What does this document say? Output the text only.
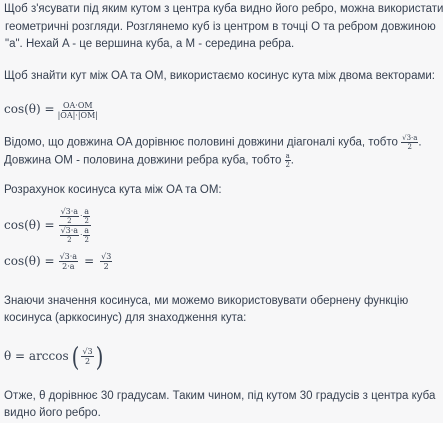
Щоб з'ясувати під яким кутом з центра куба видно його ребро, можна використати

геометричні розгляди. Розглянемо куб із центром в точці O та ребром довжиною

"a". Нехай A - це вершина куба, а M - середина ребра.

Щоб знайти кут між OA та OM, використаємо косинус кута між двома векторами:

$\cos(\theta) = \frac{OA\cdot OM}{|OA|\cdot|OM|}$

Відомо, що довжина OA дорівнює половині довжини діагоналі куба, тобто $\frac{√3\cdot a}{2}$ .

Довжина OM - половина довжини ребра куба, тобто $\frac{a}{2}$ .

Розрахунок косинуса кута між OA та OM:

$\cos(\theta) = \frac{√3\cdot a}{2} \cdot \frac{a}{2}$
√3·a
2
· a
2
$\cos(\theta) = \frac{√3\cdot a}{2\cdot a} = \frac{√3}{2}$

Знаючи значення косинуса, ми можемо використовувати обернену функцію

косинуса (арккосинус) для знаходження кута:

θ = arccos ( $\frac{√3}{2}$ )

Отже, θ дорівнює 30 градусам. Таким чином, під кутом 30 градусів з центра куба

видно його ребро.
